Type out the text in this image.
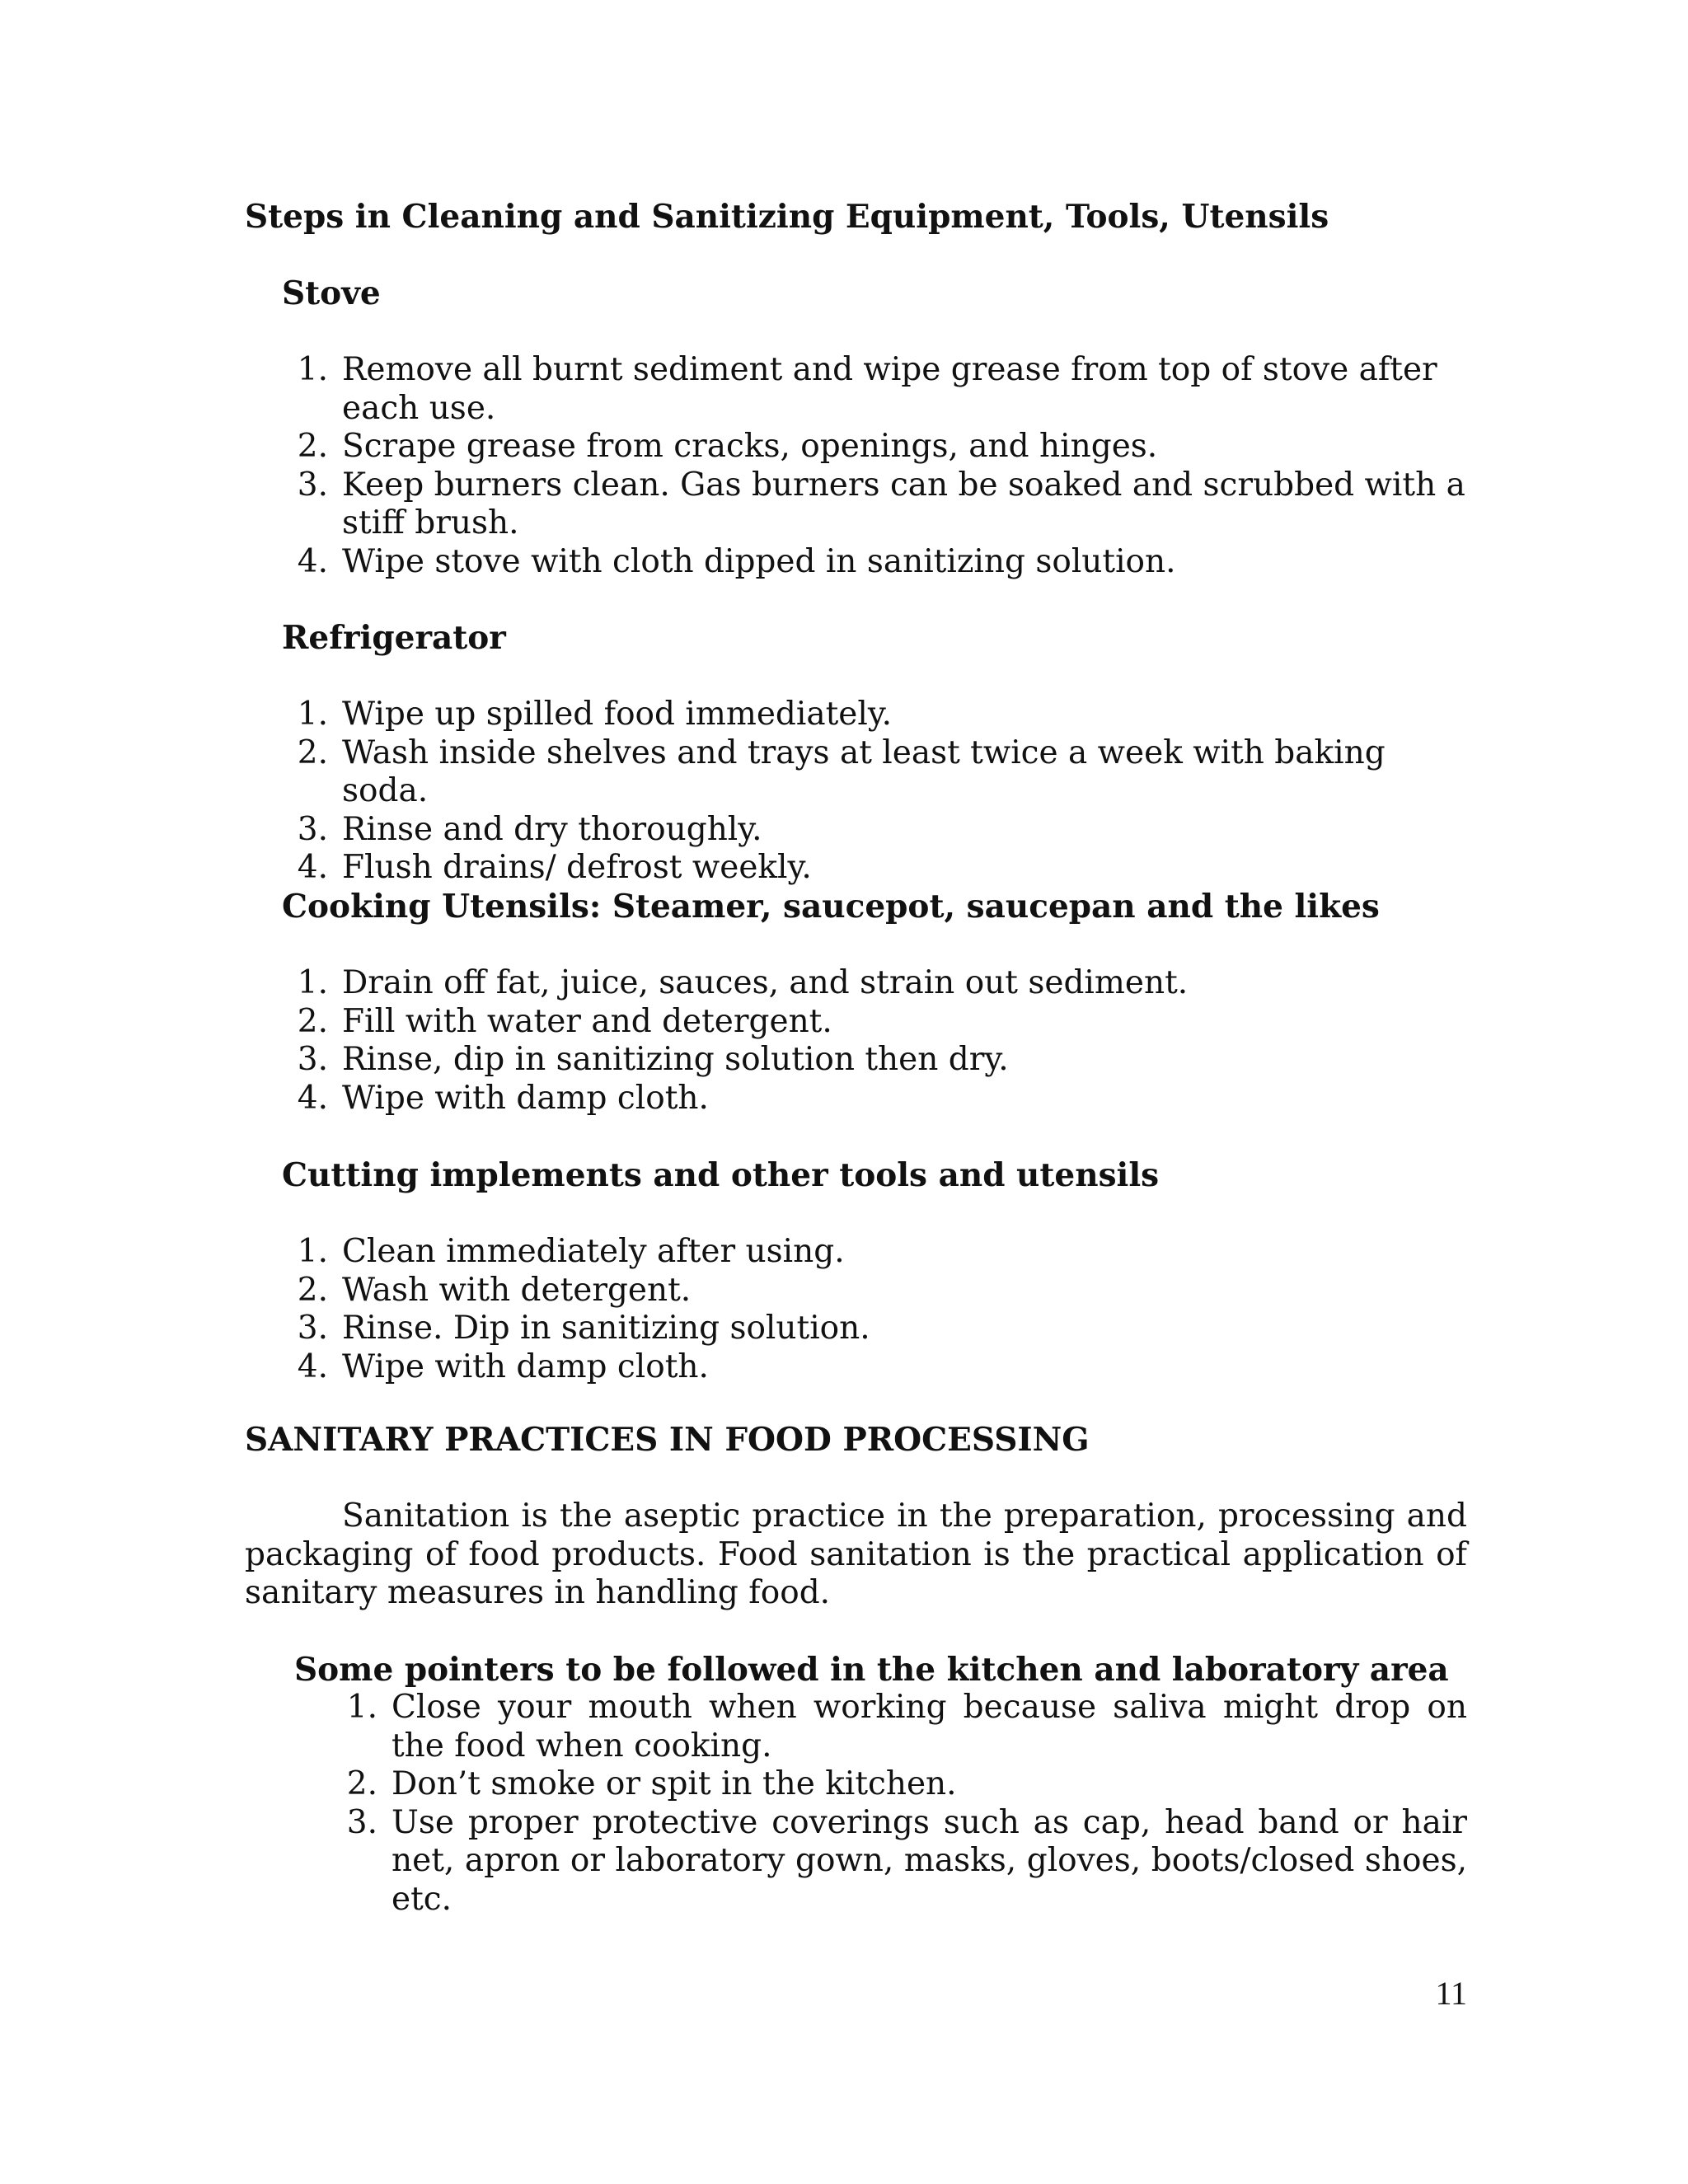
Steps in Cleaning and Sanitizing Equipment, Tools, Utensils
Stove
1. Remove all burnt sediment and wipe grease from top of stove after each use.
2. Scrape grease from cracks, openings, and hinges.
3. Keep burners clean. Gas burners can be soaked and scrubbed with a stiff brush.
4. Wipe stove with cloth dipped in sanitizing solution.
Refrigerator
1. Wipe up spilled food immediately.
2. Wash inside shelves and trays at least twice a week with baking soda.
3. Rinse and dry thoroughly.
4. Flush drains/ defrost weekly.
Cooking Utensils: Steamer, saucepot, saucepan and the likes
1. Drain off fat, juice, sauces, and strain out sediment.
2. Fill with water and detergent.
3. Rinse, dip in sanitizing solution then dry.
4. Wipe with damp cloth.
Cutting implements and other tools and utensils
1. Clean immediately after using.
2. Wash with detergent.
3. Rinse. Dip in sanitizing solution.
4. Wipe with damp cloth.
SANITARY PRACTICES IN FOOD PROCESSING

Sanitation is the aseptic practice in the preparation, processing and packaging of food products. Food sanitation is the practical application of sanitary measures in handling food.

Some pointers to be followed in the kitchen and laboratory area
1. Close your mouth when working because saliva might drop on the food when cooking.
2. Don’t smoke or spit in the kitchen.
3. Use proper protective coverings such as cap, head band or hair net, apron or laboratory gown, masks, gloves, boots/closed shoes, etc.
11
